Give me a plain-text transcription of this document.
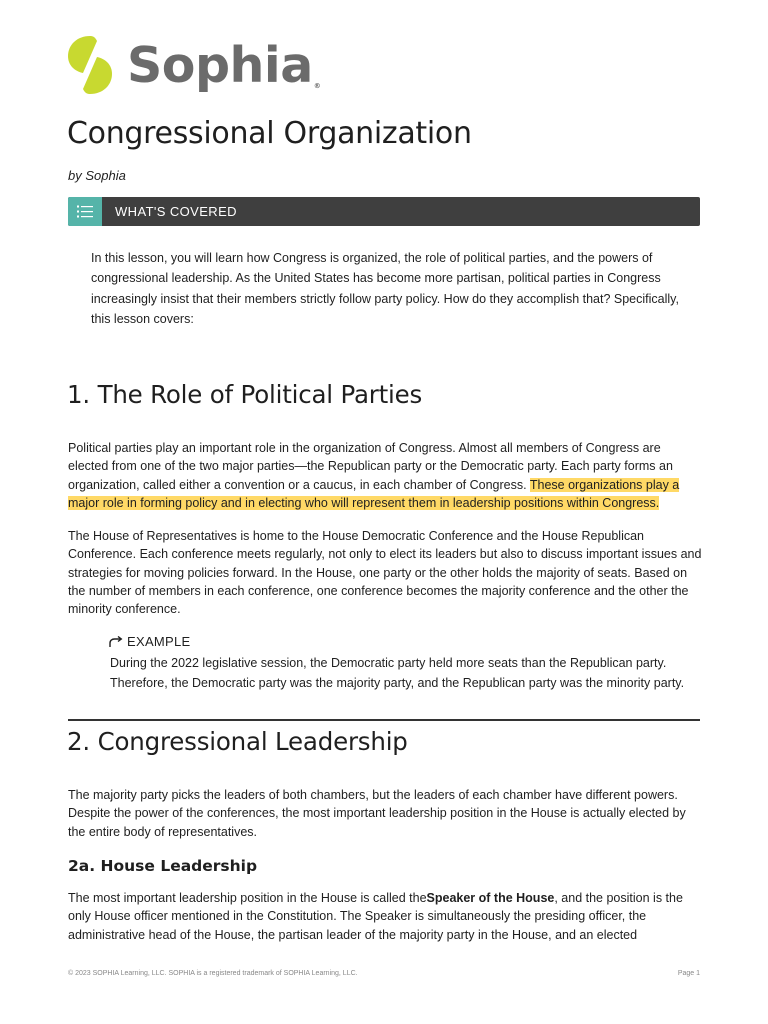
Sophia®
Congressional Organization
by Sophia
WHAT'S COVERED

In this lesson, you will learn how Congress is organized, the role of political parties, and the powers of congressional leadership. As the United States has become more partisan, political parties in Congress increasingly insist that their members strictly follow party policy. How do they accomplish that? Specifically, this lesson covers:

1. The Role of Political Parties

Political parties play an important role in the organization of Congress. Almost all members of Congress are elected from one of the two major parties—the Republican party or the Democratic party. Each party forms an organization, called either a convention or a caucus, in each chamber of Congress. These organizations play a major role in forming policy and in electing who will represent them in leadership positions within Congress.

The House of Representatives is home to the House Democratic Conference and the House Republican Conference. Each conference meets regularly, not only to elect its leaders but also to discuss important issues and strategies for moving policies forward. In the House, one party or the other holds the majority of seats. Based on the number of members in each conference, one conference becomes the majority conference and the other the minority conference.

EXAMPLE

During the 2022 legislative session, the Democratic party held more seats than the Republican party. Therefore, the Democratic party was the majority party, and the Republican party was the minority party.

2. Congressional Leadership

The majority party picks the leaders of both chambers, but the leaders of each chamber have different powers. Despite the power of the conferences, the most important leadership position in the House is actually elected by the entire body of representatives.

2a. House Leadership

The most important leadership position in the House is called theSpeaker of the House, and the position is the only House officer mentioned in the Constitution. The Speaker is simultaneously the presiding officer, the administrative head of the House, the partisan leader of the majority party in the House, and an elected

© 2023 SOPHIA Learning, LLC. SOPHIA is a registered trademark of SOPHIA Learning, LLC.	Page 1
